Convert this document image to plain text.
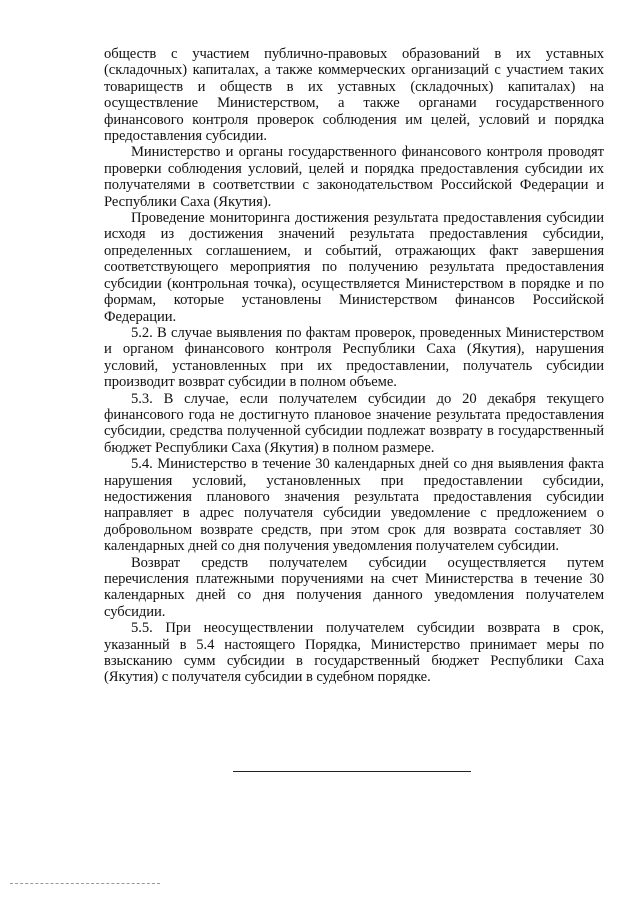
обществ с участием публично-правовых образований в их уставных (складочных) капиталах, а также коммерческих организаций с участием таких товариществ и обществ в их уставных (складочных) капиталах) на осуществление Министерством, а также органами государственного финансового контроля проверок соблюдения им целей, условий и порядка предоставления субсидии.

Министерство и органы государственного финансового контроля проводят проверки соблюдения условий, целей и порядка предоставления субсидии их получателями в соответствии с законодательством Российской Федерации и Республики Саха (Якутия).

Проведение мониторинга достижения результата предоставления субсидии исходя из достижения значений результата предоставления субсидии, определенных соглашением, и событий, отражающих факт завершения соответствующего мероприятия по получению результата предоставления субсидии (контрольная точка), осуществляется Министерством в порядке и по формам, которые установлены Министерством финансов Российской Федерации.

5.2. В случае выявления по фактам проверок, проведенных Министерством и органом финансового контроля Республики Саха (Якутия), нарушения условий, установленных при их предоставлении, получатель субсидии производит возврат субсидии в полном объеме.

5.3. В случае, если получателем субсидии до 20 декабря текущего финансового года не достигнуто плановое значение результата предоставления субсидии, средства полученной субсидии подлежат возврату в государственный бюджет Республики Саха (Якутия) в полном размере.

5.4. Министерство в течение 30 календарных дней со дня выявления факта нарушения условий, установленных при предоставлении субсидии, недостижения планового значения результата предоставления субсидии направляет в адрес получателя субсидии уведомление с предложением о добровольном возврате средств, при этом срок для возврата составляет 30 календарных дней со дня получения уведомления получателем субсидии.

Возврат средств получателем субсидии осуществляется путем перечисления платежными поручениями на счет Министерства в течение 30 календарных дней со дня получения данного уведомления получателем субсидии.

5.5. При неосуществлении получателем субсидии возврата в срок, указанный в 5.4 настоящего Порядка, Министерство принимает меры по взысканию сумм субсидии в государственный бюджет Республики Саха (Якутия) с получателя субсидии в судебном порядке.
